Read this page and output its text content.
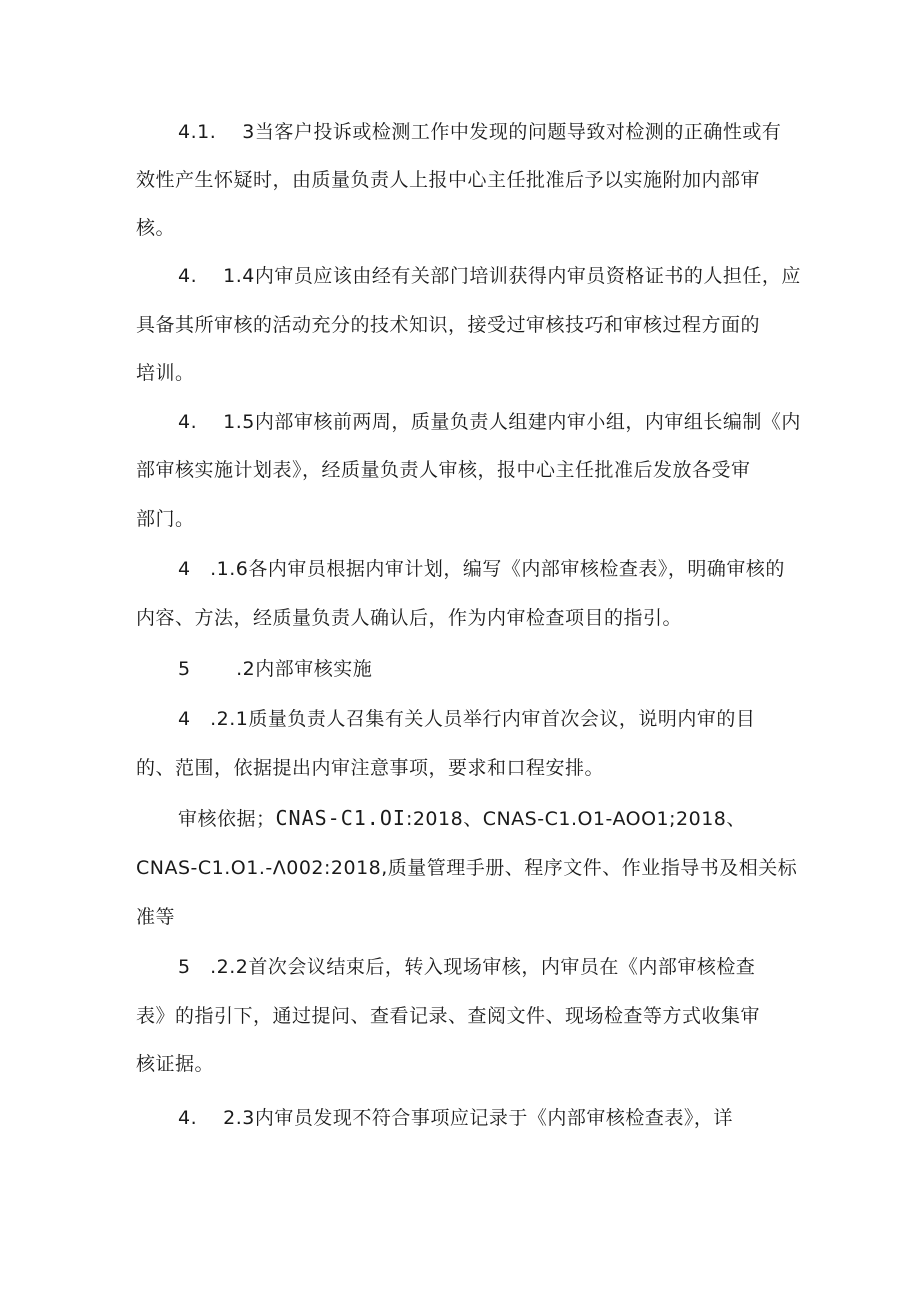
4.1.　 3当客户投诉或检测工作中发现的问题导致对检测的正确性或有
效性产生怀疑时，由质量负责人上报中心主任批准后予以实施附加内部审
核。
4.　 1.4内审员应该由经有关部门培训获得内审员资格证书的人担任，应
具备其所审核的活动充分的技术知识，接受过审核技巧和审核过程方面的
培训。
4.　 1.5内部审核前两周，质量负责人组建内审小组，内审组长编制《内
部审核实施计划表》，经质量负责人审核，报中心主任批准后发放各受审
部门。
4　.1.6各内审员根据内审计划，编写《内部审核检查表》，明确审核的
内容、方法，经质量负责人确认后，作为内审检查项目的指引。
5　　 .2内部审核实施
4　.2.1质量负责人召集有关人员举行内审首次会议，说明内审的目
的、范围，依据提出内审注意事项，要求和口程安排。
审核依据；CNAS-C1.OI:2018、CNAS-C1.O1-AOO1;2018、
CNAS-C1.O1.-Λ002:2018,质量管理手册、程序文件、作业指导书及相关标
准等
5　.2.2首次会议结束后，转入现场审核，内审员在《内部审核检查
表》的指引下，通过提问、查看记录、查阅文件、现场检查等方式收集审
核证据。
4.　 2.3内审员发现不符合事项应记录于《内部审核检查表》，详
